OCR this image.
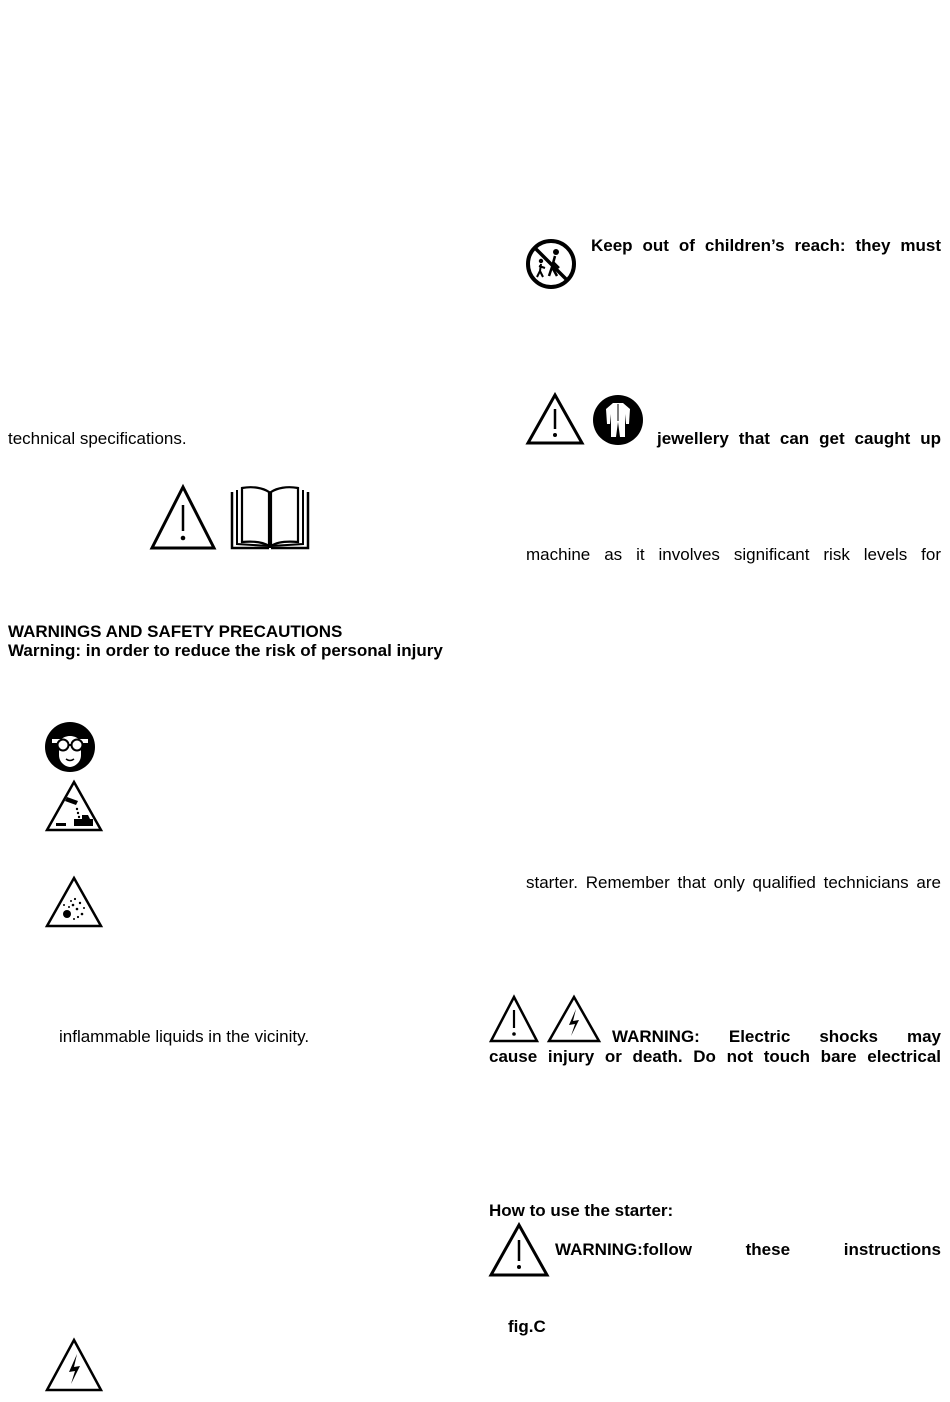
Keep out of children’s reach: they must
technical specifications.	jewellery that can get caught up
machine as it involves significant risk levels for
WARNINGS AND SAFETY PRECAUTIONS
Warning: in order to reduce the risk of personal injury
starter. Remember that only qualified technicians are
WARNING: Electric shocks may
cause injury or death. Do not touch bare electrical
inflammable liquids in the vicinity.
How to use the starter:
WARNING:follow these instructions
fig.C
